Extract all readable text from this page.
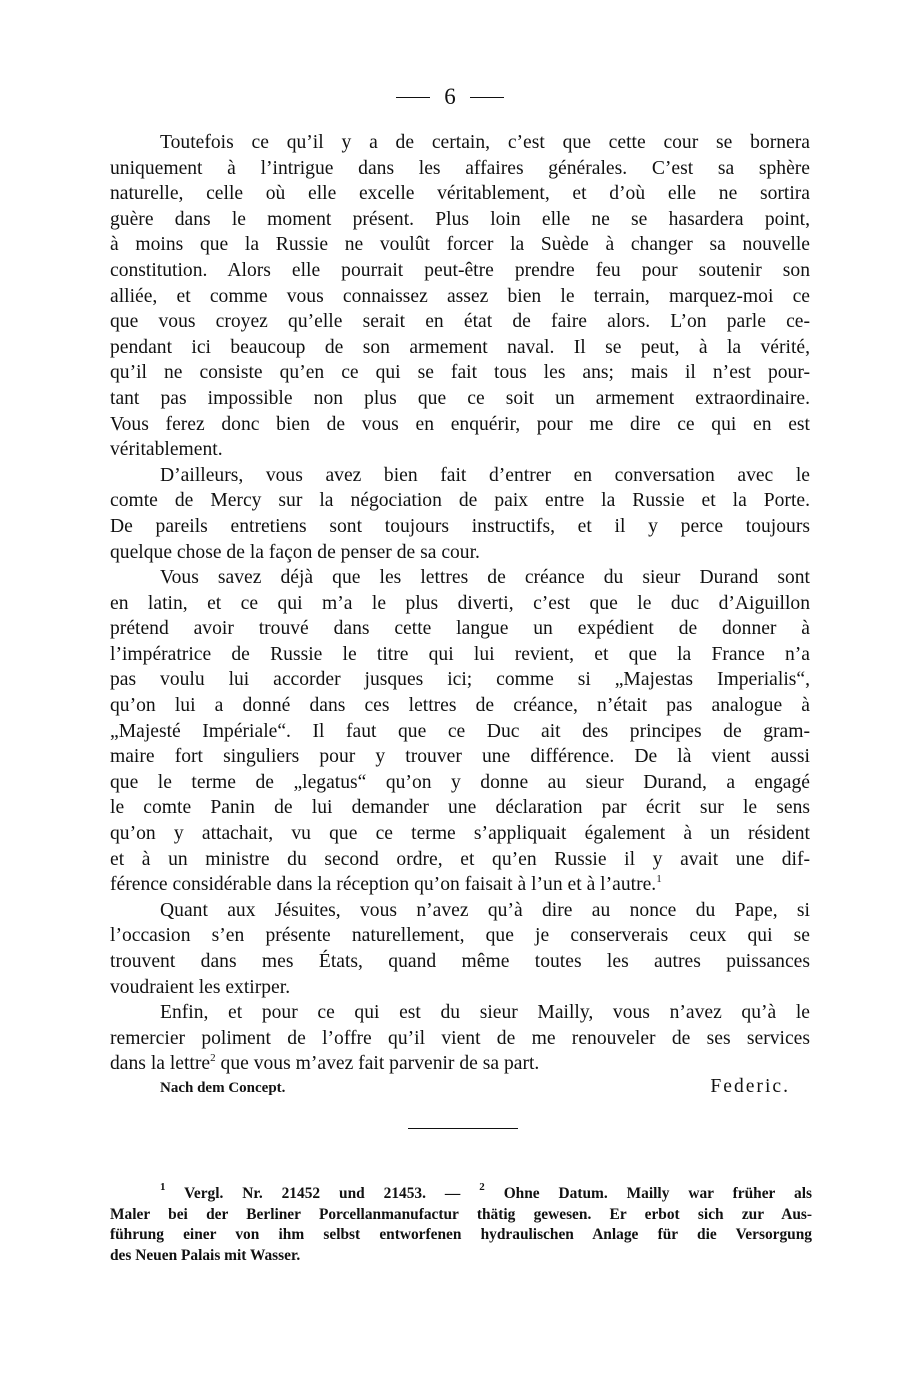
6
Toutefois ce qu’il y a de certain, c’est que cette cour se bornera
uniquement à l’intrigue dans les affaires générales. C’est sa sphère
naturelle, celle où elle excelle véritablement, et d’où elle ne sortira
guère dans le moment présent. Plus loin elle ne se hasardera point,
à moins que la Russie ne voulût forcer la Suède à changer sa nouvelle
constitution. Alors elle pourrait peut-être prendre feu pour soutenir son
alliée, et comme vous connaissez assez bien le terrain, marquez-moi ce
que vous croyez qu’elle serait en état de faire alors. L’on parle ce-
pendant ici beaucoup de son armement naval. Il se peut, à la vérité,
qu’il ne consiste qu’en ce qui se fait tous les ans; mais il n’est pour-
tant pas impossible non plus que ce soit un armement extraordinaire.
Vous ferez donc bien de vous en enquérir, pour me dire ce qui en est
véritablement.
D’ailleurs, vous avez bien fait d’entrer en conversation avec le
comte de Mercy sur la négociation de paix entre la Russie et la Porte.
De pareils entretiens sont toujours instructifs, et il y perce toujours
quelque chose de la façon de penser de sa cour.
Vous savez déjà que les lettres de créance du sieur Durand sont
en latin, et ce qui m’a le plus diverti, c’est que le duc d’Aiguillon
prétend avoir trouvé dans cette langue un expédient de donner à
l’impératrice de Russie le titre qui lui revient, et que la France n’a
pas voulu lui accorder jusques ici; comme si „Majestas Imperialis“,
qu’on lui a donné dans ces lettres de créance, n’était pas analogue à
„Majesté Impériale“. Il faut que ce Duc ait des principes de gram-
maire fort singuliers pour y trouver une différence. De là vient aussi
que le terme de „legatus“ qu’on y donne au sieur Durand, a engagé
le comte Panin de lui demander une déclaration par écrit sur le sens
qu’on y attachait, vu que ce terme s’appliquait également à un résident
et à un ministre du second ordre, et qu’en Russie il y avait une dif-
férence considérable dans la réception qu’on faisait à l’un et à l’autre.$^1$
Quant aux Jésuites, vous n’avez qu’à dire au nonce du Pape, si
l’occasion s’en présente naturellement, que je conserverais ceux qui se
trouvent dans mes États, quand même toutes les autres puissances
voudraient les extirper.
Enfin, et pour ce qui est du sieur Mailly, vous n’avez qu’à le
remercier poliment de l’offre qu’il vient de me renouveler de ses services
dans la lettre$^2$ que vous m’avez fait parvenir de sa part.
Nach dem Concept.	Federic.
$^1$ Vergl. Nr. 21452 und 21453. — $^2$ Ohne Datum. Mailly war früher als
Maler bei der Berliner Porcellanmanufactur thätig gewesen. Er erbot sich zur Aus-
führung einer von ihm selbst entworfenen hydraulischen Anlage für die Versorgung
des Neuen Palais mit Wasser.
